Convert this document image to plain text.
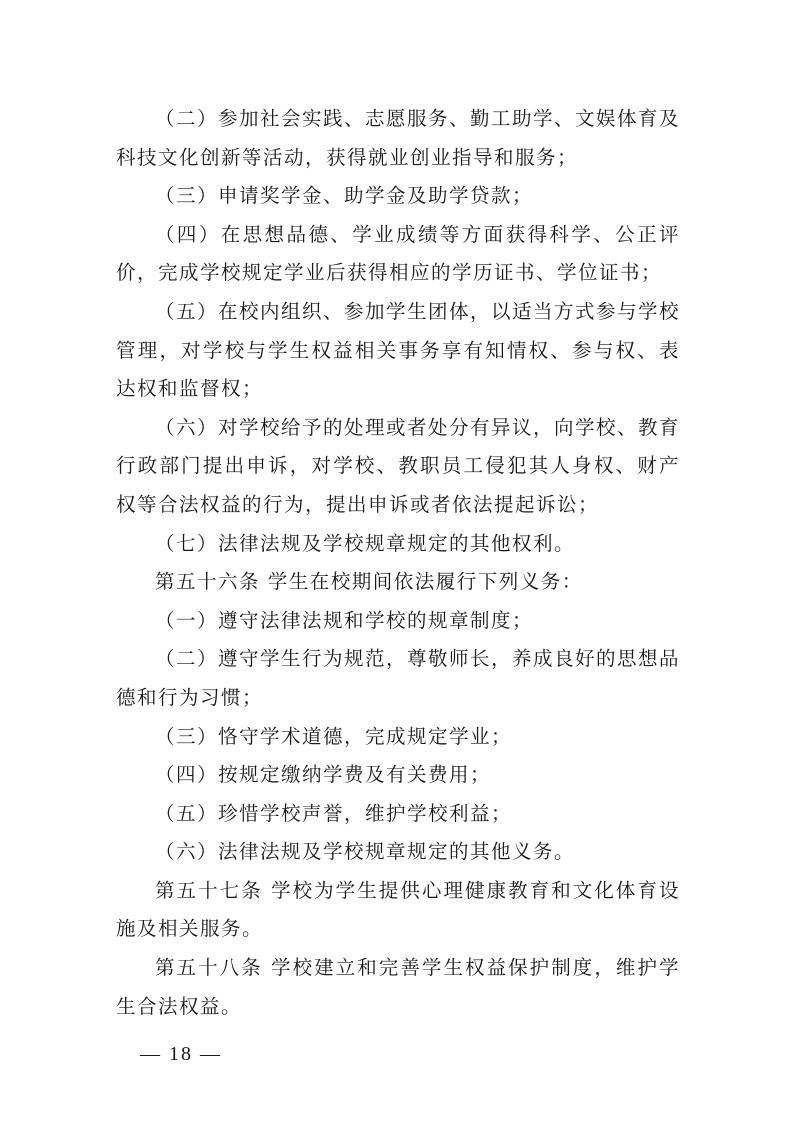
（二）参加社会实践、志愿服务、勤工助学、文娱体育及科技文化创新等活动，获得就业创业指导和服务；

（三）申请奖学金、助学金及助学贷款；

（四）在思想品德、学业成绩等方面获得科学、公正评价，完成学校规定学业后获得相应的学历证书、学位证书；

（五）在校内组织、参加学生团体，以适当方式参与学校管理，对学校与学生权益相关事务享有知情权、参与权、表达权和监督权；

（六）对学校给予的处理或者处分有异议，向学校、教育行政部门提出申诉，对学校、教职员工侵犯其人身权、财产权等合法权益的行为，提出申诉或者依法提起诉讼；

（七）法律法规及学校规章规定的其他权利。

第五十六条 学生在校期间依法履行下列义务：

（一）遵守法律法规和学校的规章制度；

（二）遵守学生行为规范，尊敬师长，养成良好的思想品德和行为习惯；

（三）恪守学术道德，完成规定学业；

（四）按规定缴纳学费及有关费用；

（五）珍惜学校声誉，维护学校利益；

（六）法律法规及学校规章规定的其他义务。

第五十七条 学校为学生提供心理健康教育和文化体育设施及相关服务。

第五十八条 学校建立和完善学生权益保护制度，维护学生合法权益。

— 18 —
